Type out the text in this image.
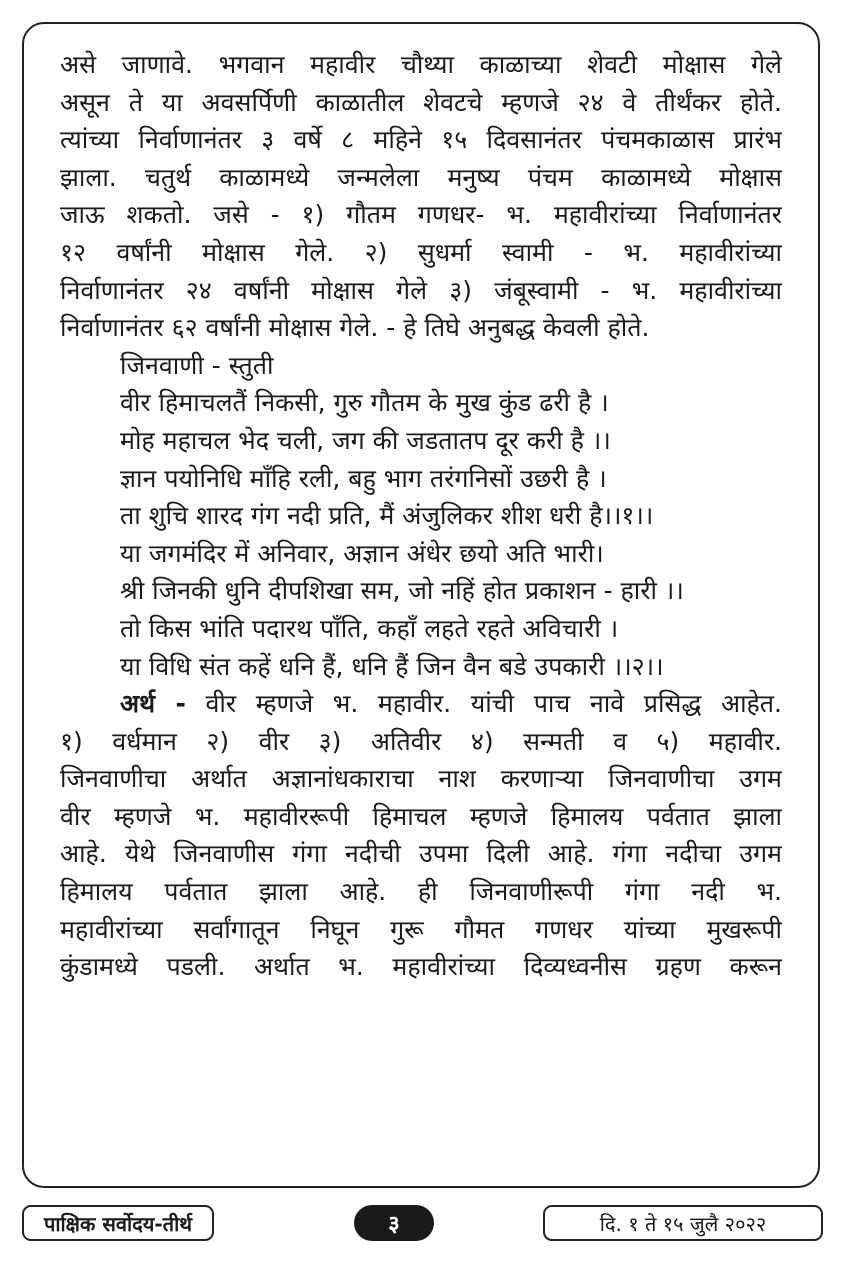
असे जाणावे. भगवान महावीर चौथ्या काळाच्या शेवटी मोक्षास गेले
असून ते या अवसर्पिणी काळातील शेवटचे म्हणजे २४ वे तीर्थंकर होते.
त्यांच्या निर्वाणानंतर ३ वर्षे ८ महिने १५ दिवसानंतर पंचमकाळास प्रारंभ
झाला. चतुर्थ काळामध्ये जन्मलेला मनुष्य पंचम काळामध्ये मोक्षास
जाऊ शकतो. जसे - १) गौतम गणधर- भ. महावीरांच्या निर्वाणानंतर
१२ वर्षांनी मोक्षास गेले. २) सुधर्मा स्वामी - भ. महावीरांच्या
निर्वाणानंतर २४ वर्षांनी मोक्षास गेले ३) जंबूस्वामी - भ. महावीरांच्या
निर्वाणानंतर ६२ वर्षांनी मोक्षास गेले. - हे तिघे अनुबद्ध केवली होते.
जिनवाणी - स्तुती
वीर हिमाचलतैं निकसी, गुरु गौतम के मुख कुंड ढरी है ।
मोह महाचल भेद चली, जग की जडतातप दूर करी है ।।
ज्ञान पयोनिधि माँहि रली, बहु भाग तरंगनिसों उछरी है ।
ता शुचि शारद गंग नदी प्रति, मैं अंजुलिकर शीश धरी है।।१।।
या जगमंदिर में अनिवार, अज्ञान अंधेर छयो अति भारी।
श्री जिनकी धुनि दीपशिखा सम, जो नहिं होत प्रकाशन - हारी ।।
तो किस भांति पदारथ पाँति, कहाँ लहते रहते अविचारी ।
या विधि संत कहें धनि हैं, धनि हैं जिन वैन बडे उपकारी ।।२।।
अर्थ - वीर म्हणजे भ. महावीर. यांची पाच नावे प्रसिद्ध आहेत.
१) वर्धमान २) वीर ३) अतिवीर ४) सन्मती व ५) महावीर.
जिनवाणीचा अर्थात अज्ञानांधकाराचा नाश करणाऱ्या जिनवाणीचा उगम
वीर म्हणजे भ. महावीररूपी हिमाचल म्हणजे हिमालय पर्वतात झाला
आहे. येथे जिनवाणीस गंगा नदीची उपमा दिली आहे. गंगा नदीचा उगम
हिमालय पर्वतात झाला आहे. ही जिनवाणीरूपी गंगा नदी भ.
महावीरांच्या सर्वांगातून निघून गुरू गौमत गणधर यांच्या मुखरूपी
कुंडामध्ये पडली. अर्थात भ. महावीरांच्या दिव्यध्वनीस ग्रहण करून
पाक्षिक सर्वोदय-तीर्थ	३	दि. १ ते १५ जुलै २०२२
